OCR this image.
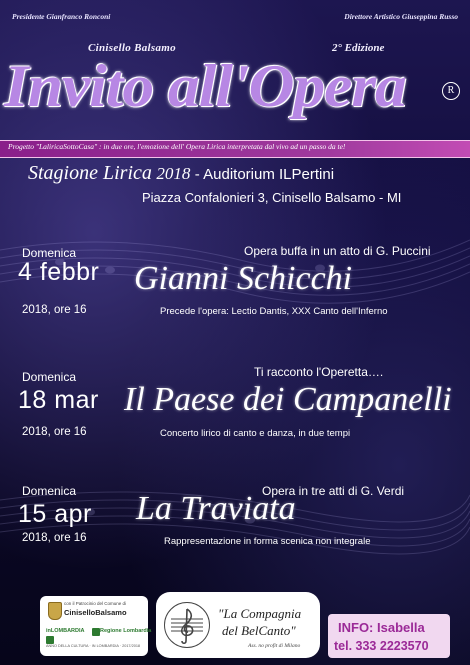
Presidente Gianfranco Ronconi	Direttore Artistico Giuseppina Russo
Cinisello Balsamo	2° Edizione
Invito all'Opera	R
Progetto "LaliricaSottoCasa" : in due ore, l'emozione dell' Opera Lirica interpretata dal vivo ad un passo da te!
Stagione Lirica 2018 - Auditorium ILPertini
Piazza Confalonieri 3, Cinisello Balsamo - MI
Domenica
4 febbr
2018, ore 16
Opera buffa in un atto di G. Puccini
Gianni Schicchi
Precede l'opera: Lectio Dantis, XXX Canto dell'Inferno
Domenica
18 mar
2018, ore 16
Ti racconto l'Operetta….
Il Paese dei Campanelli
Concerto lirico di canto e danza, in due tempi
Domenica
15 apr
2018, ore 16
Opera in tre atti di G. Verdi
La Traviata
Rappresentazione in forma scenica non integrale
con il Patrocinio del Comune di
CiniselloBalsamo
inLOMBARDIA	Regione Lombardia
ANNO DELLA CULTURA · IN LOMBARDIA · 2017/2018
"La Compagnia
del BelCanto"
Ass. no profit di Milano
INFO: Isabella
tel. 333 2223570
